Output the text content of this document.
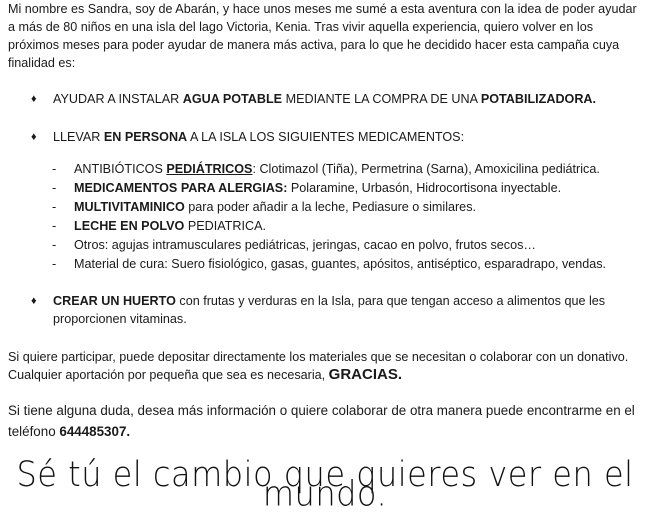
Mi nombre es Sandra, soy de Abarán, y hace unos meses me sumé a esta aventura con la idea de poder ayudar a más de 80 niños en una isla del lago Victoria, Kenia. Tras vivir aquella experiencia, quiero volver en los próximos meses para poder ayudar de manera más activa, para lo que he decidido hacer esta campaña cuya finalidad es:

♦ AYUDAR A INSTALAR AGUA POTABLE MEDIANTE LA COMPRA DE UNA POTABILIZADORA.
♦ LLEVAR EN PERSONA A LA ISLA LOS SIGUIENTES MEDICAMENTOS:
- ANTIBIÓTICOS PEDIÁTRICOS: Clotimazol (Tiña), Permetrina (Sarna), Amoxicilina pediátrica.
- MEDICAMENTOS PARA ALERGIAS: Polaramine, Urbasón, Hidrocortisona inyectable.
- MULTIVITAMINICO para poder añadir a la leche, Pediasure o similares.
- LECHE EN POLVO PEDIATRICA.
- Otros: agujas intramusculares pediátricas, jeringas, cacao en polvo, frutos secos…
- Material de cura: Suero fisiológico, gasas, guantes, apósitos, antiséptico, esparadrapo, vendas.
♦ CREAR UN HUERTO con frutas y verduras en la Isla, para que tengan acceso a alimentos que les proporcionen vitaminas.

Si quiere participar, puede depositar directamente los materiales que se necesitan o colaborar con un donativo. Cualquier aportación por pequeña que sea es necesaria, GRACIAS.

Si tiene alguna duda, desea más información o quiere colaborar de otra manera puede encontrarme en el teléfono 644485307.

Sé tú el cambio que quieres ver en el mundo.
